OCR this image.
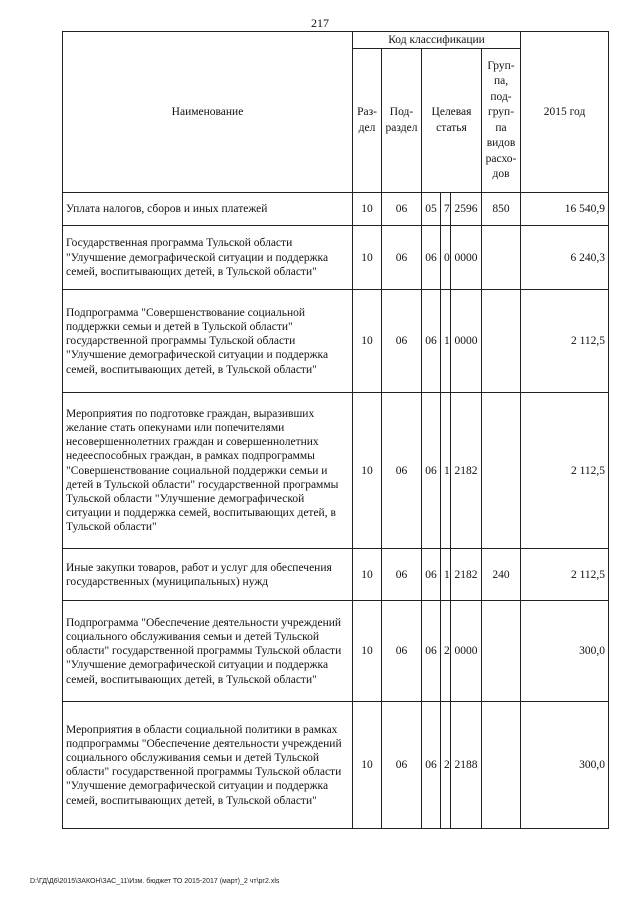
217
Наименование	Код классификации						2015 год
	Раз- дел	Под- раздел	Целевая статья			Груп- па, под- груп- па видов расхо- дов	
Уплата налогов, сборов и иных платежей	10	06	05	7	2596	850	16 540,9
Государственная программа Тульской области "Улучшение демографической ситуации и поддержка семей, воспитывающих детей, в Тульской области"	10	06	06	0	0000		6 240,3
Подпрограмма "Совершенствование социальной поддержки семьи и детей в Тульской области" государственной программы Тульской области "Улучшение демографической ситуации и поддержка семей, воспитывающих детей, в Тульской области"	10	06	06	1	0000		2 112,5
Мероприятия по подготовке граждан, выразивших желание стать опекунами или попечителями несовершеннолетних граждан и совершеннолетних недееспособных граждан, в рамках подпрограммы "Совершенствование социальной поддержки семьи и детей в Тульской области" государственной программы Тульской области "Улучшение демографической ситуации и поддержка семей, воспитывающих детей, в Тульской области"	10	06	06	1	2182		2 112,5
Иные закупки товаров, работ и услуг для обеспечения государственных (муниципальных) нужд	10	06	06	1	2182	240	2 112,5
Подпрограмма "Обеспечение деятельности учреждений социального обслуживания семьи и детей Тульской области" государственной программы Тульской области "Улучшение демографической ситуации и поддержка семей, воспитывающих детей, в Тульской области"	10	06	06	2	0000		300,0
Мероприятия в области социальной политики в рамках подпрограммы "Обеспечение деятельности учреждений социального обслуживания семьи и детей Тульской области" государственной программы Тульской области "Улучшение демографической ситуации и поддержка семей, воспитывающих детей, в Тульской области"	10	06	06	2	2188		300,0
D:\ГД\Д6\2015\ЗАКОН\ЗАС_11\Изм. бюджет ТО 2015-2017 (март)_2 чт\рг2.xls
